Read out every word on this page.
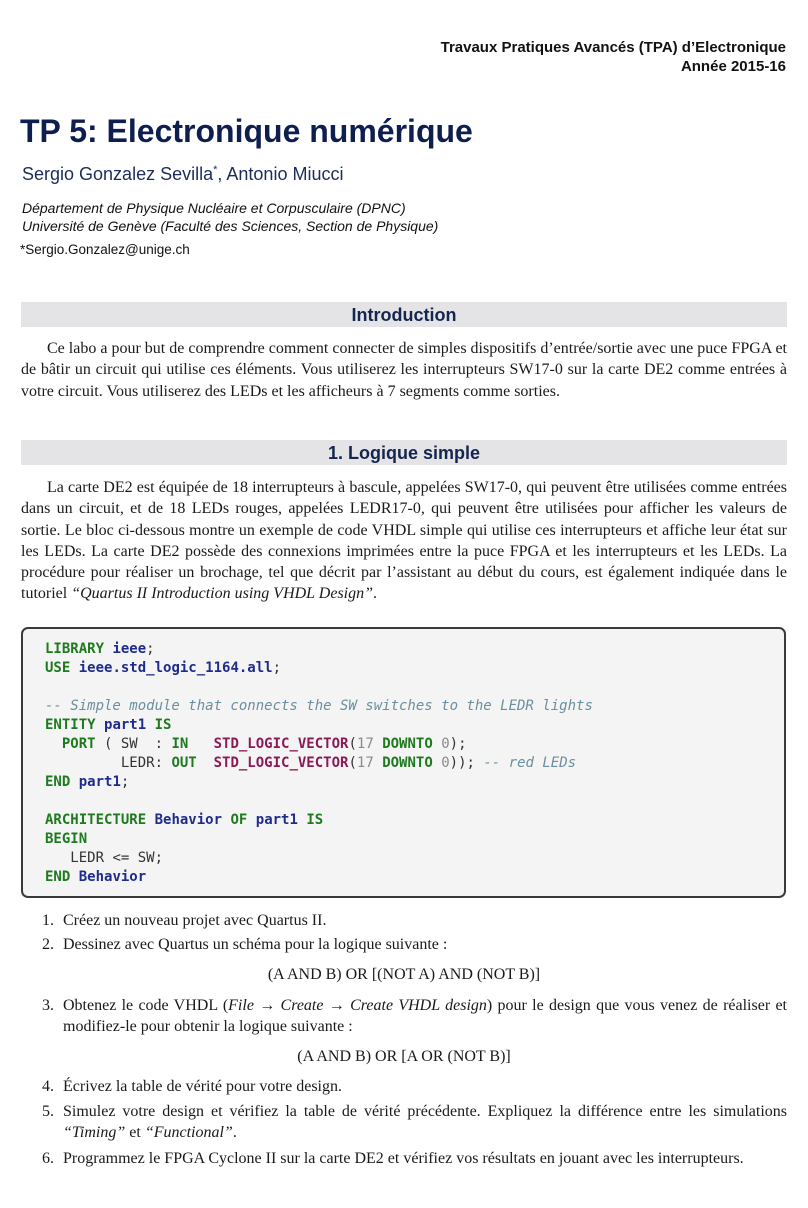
Travaux Pratiques Avancés (TPA) d’Electronique
Année 2015-16
TP 5: Electronique numérique
Sergio Gonzalez Sevilla*, Antonio Miucci
Département de Physique Nucléaire et Corpusculaire (DPNC)
Université de Genève (Faculté des Sciences, Section de Physique)
*Sergio.Gonzalez@unige.ch
Introduction

Ce labo a pour but de comprendre comment connecter de simples dispositifs d’entrée/sortie avec une puce FPGA et de bâtir un circuit qui utilise ces éléments. Vous utiliserez les interrupteurs SW17-0 sur la carte DE2 comme entrées à votre circuit. Vous utiliserez des LEDs et les afficheurs à 7 segments comme sorties.

1. Logique simple

La carte DE2 est équipée de 18 interrupteurs à bascule, appelées SW17-0, qui peuvent être utilisées comme entrées dans un circuit, et de 18 LEDs rouges, appelées LEDR17-0, qui peuvent être utilisées pour afficher les valeurs de sortie. Le bloc ci-dessous montre un exemple de code VHDL simple qui utilise ces interrupteurs et affiche leur état sur les LEDs. La carte DE2 possède des connexions imprimées entre la puce FPGA et les interrupteurs et les LEDs. La procédure pour réaliser un brochage, tel que décrit par l’assistant au début du cours, est également indiquée dans le tutoriel “Quartus II Introduction using VHDL Design”.

LIBRARY ieee;
USE ieee.std_logic_1164.all;
-- Simple module that connects the SW switches to the LEDR lights
ENTITY part1 IS
PORT ( SW  : IN STD_LOGIC_VECTOR(17 DOWNTO 0);
LEDR: OUT STD_LOGIC_VECTOR(17 DOWNTO 0)); -- red LEDs
END part1;
ARCHITECTURE Behavior OF part1 IS
BEGIN
LEDR <= SW;
END Behavior
1. Créez un nouveau projet avec Quartus II.
2. Dessinez avec Quartus un schéma pour la logique suivante :
(A AND B) OR [(NOT A) AND (NOT B)]
3. Obtenez le code VHDL (File → Create → Create VHDL design) pour le design que vous venez de réaliser et modifiez-le pour obtenir la logique suivante :
(A AND B) OR [A OR (NOT B)]
4. Écrivez la table de vérité pour votre design.
5. Simulez votre design et vérifiez la table de vérité précédente. Expliquez la différence entre les simulations “Timing” et “Functional”.
6. Programmez le FPGA Cyclone II sur la carte DE2 et vérifiez vos résultats en jouant avec les interrupteurs.
